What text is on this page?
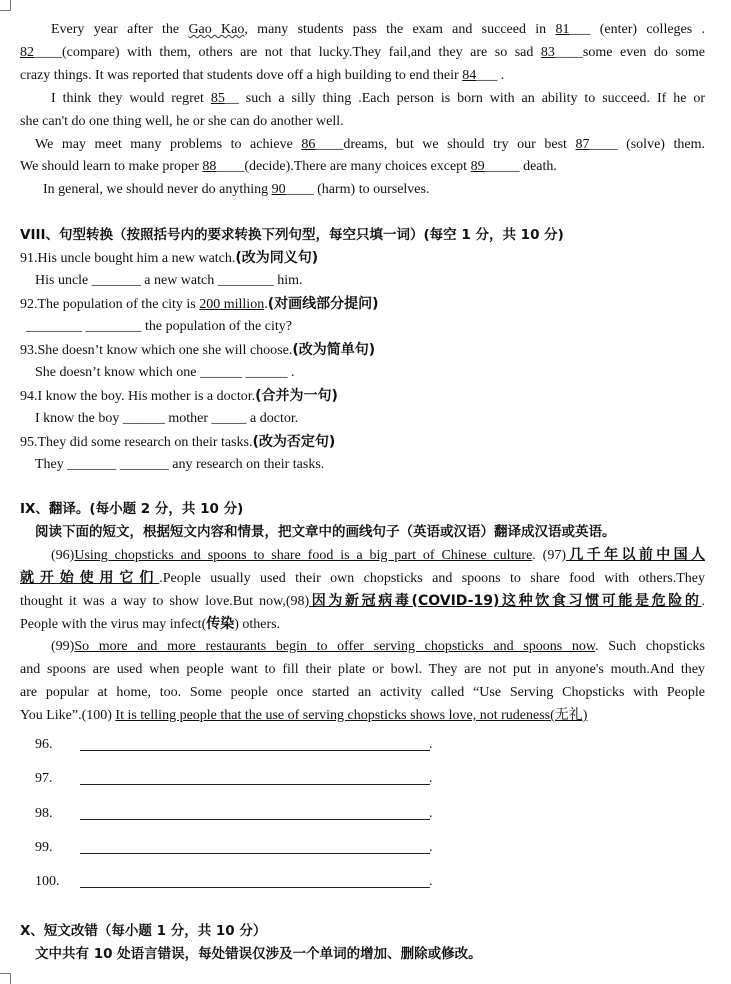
Every year after the Gao Kao, many students pass the exam and succeed in 81___ (enter) colleges .
82____(compare) with them, others are not that lucky.They fail,and they are so sad 83____some even do some
crazy things. It was reported that students dove off a high building to end their 84___ .
I think they would regret 85__ such a silly thing .Each person is born with an ability to succeed. If he or
she can't do one thing well, he or she can do another well.
We may meet many problems to achieve 86____dreams, but we should try our best 87____ (solve) them.
We should learn to make proper 88____(decide).There are many choices except 89_____ death.
In general, we should never do anything 90____ (harm) to ourselves.
VIII、句型转换（按照括号内的要求转换下列句型，每空只填一词）(每空 1 分，共 10 分)
91.His uncle bought him a new watch.(改为同义句)
His uncle _______ a new watch ________ him.
92.The population of the city is 200 million.(对画线部分提问)
________ ________ the population of the city?
93.She doesn’t know which one she will choose.(改为简单句)
She doesn’t know which one ______ ______ .
94.I know the boy. His mother is a doctor.(合并为一句)
I know the boy ______ mother _____ a doctor.
95.They did some research on their tasks.(改为否定句)
They _______ _______ any research on their tasks.
IX、翻译。(每小题 2 分，共 10 分)
阅读下面的短文，根据短文内容和情景，把文章中的画线句子（英语或汉语）翻译成汉语或英语。
(96)Using chopsticks and spoons to share food is a big part of Chinese culture. (97)几千年以前中国人
就开始使用它们.People usually used their own chopsticks and spoons to share food with others.They
thought it was a way to show love.But now,(98)因为新冠病毒(COVID-19)这种饮食习惯可能是危险的.
People with the virus may infect(传染) others.
(99)So more and more restaurants begin to offer serving chopsticks and spoons now. Such chopsticks
and spoons are used when people want to fill their plate or bowl. They are not put in anyone's mouth.And they
are popular at home, too. Some people once started an activity called “Use Serving Chopsticks with People
You Like”.(100) It is telling people that the use of serving chopsticks shows love, not rudeness(无礼)
96.	.
97.	.
98.	.
99.	.
100.	.
X、短文改错（每小题 1 分，共 10 分）
文中共有 10 处语言错误，每处错误仅涉及一个单词的增加、删除或修改。
